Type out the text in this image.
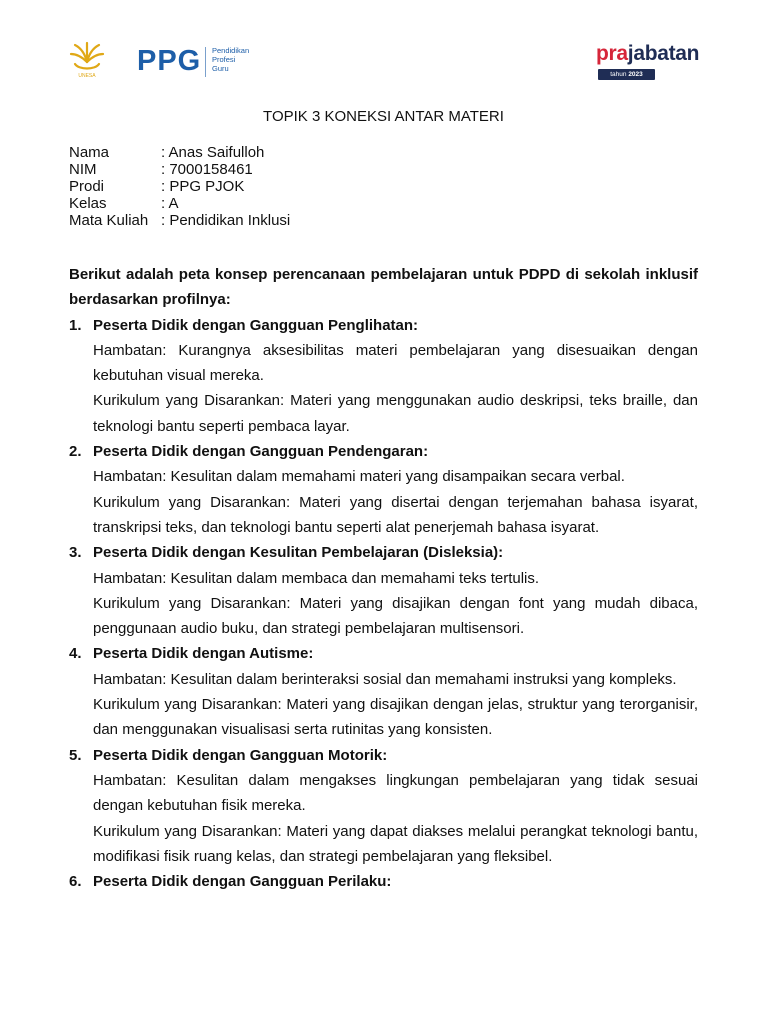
UNESA PPG Pendidikan
Profesi
Guru
prajabatan
tahun 2023
TOPIK 3 KONEKSI ANTAR MATERI
Nama	: Anas Saifulloh
NIM	: 7000158461
Prodi	: PPG PJOK
Kelas	: A
Mata Kuliah : Pendidikan Inklusi

Berikut adalah peta konsep perencanaan pembelajaran untuk PDPD di sekolah inklusif berdasarkan profilnya:

1. Peserta Didik dengan Gangguan Penglihatan:
Hambatan: Kurangnya aksesibilitas materi pembelajaran yang disesuaikan dengan kebutuhan visual mereka.
Kurikulum yang Disarankan: Materi yang menggunakan audio deskripsi, teks braille, dan teknologi bantu seperti pembaca layar.
2. Peserta Didik dengan Gangguan Pendengaran:
Hambatan: Kesulitan dalam memahami materi yang disampaikan secara verbal.
Kurikulum yang Disarankan: Materi yang disertai dengan terjemahan bahasa isyarat, transkripsi teks, dan teknologi bantu seperti alat penerjemah bahasa isyarat.
3. Peserta Didik dengan Kesulitan Pembelajaran (Disleksia):
Hambatan: Kesulitan dalam membaca dan memahami teks tertulis.
Kurikulum yang Disarankan: Materi yang disajikan dengan font yang mudah dibaca, penggunaan audio buku, dan strategi pembelajaran multisensori.
4. Peserta Didik dengan Autisme:
Hambatan: Kesulitan dalam berinteraksi sosial dan memahami instruksi yang kompleks.
Kurikulum yang Disarankan: Materi yang disajikan dengan jelas, struktur yang terorganisir, dan menggunakan visualisasi serta rutinitas yang konsisten.
5. Peserta Didik dengan Gangguan Motorik:
Hambatan: Kesulitan dalam mengakses lingkungan pembelajaran yang tidak sesuai dengan kebutuhan fisik mereka.
Kurikulum yang Disarankan: Materi yang dapat diakses melalui perangkat teknologi bantu, modifikasi fisik ruang kelas, dan strategi pembelajaran yang fleksibel.
6. Peserta Didik dengan Gangguan Perilaku:
